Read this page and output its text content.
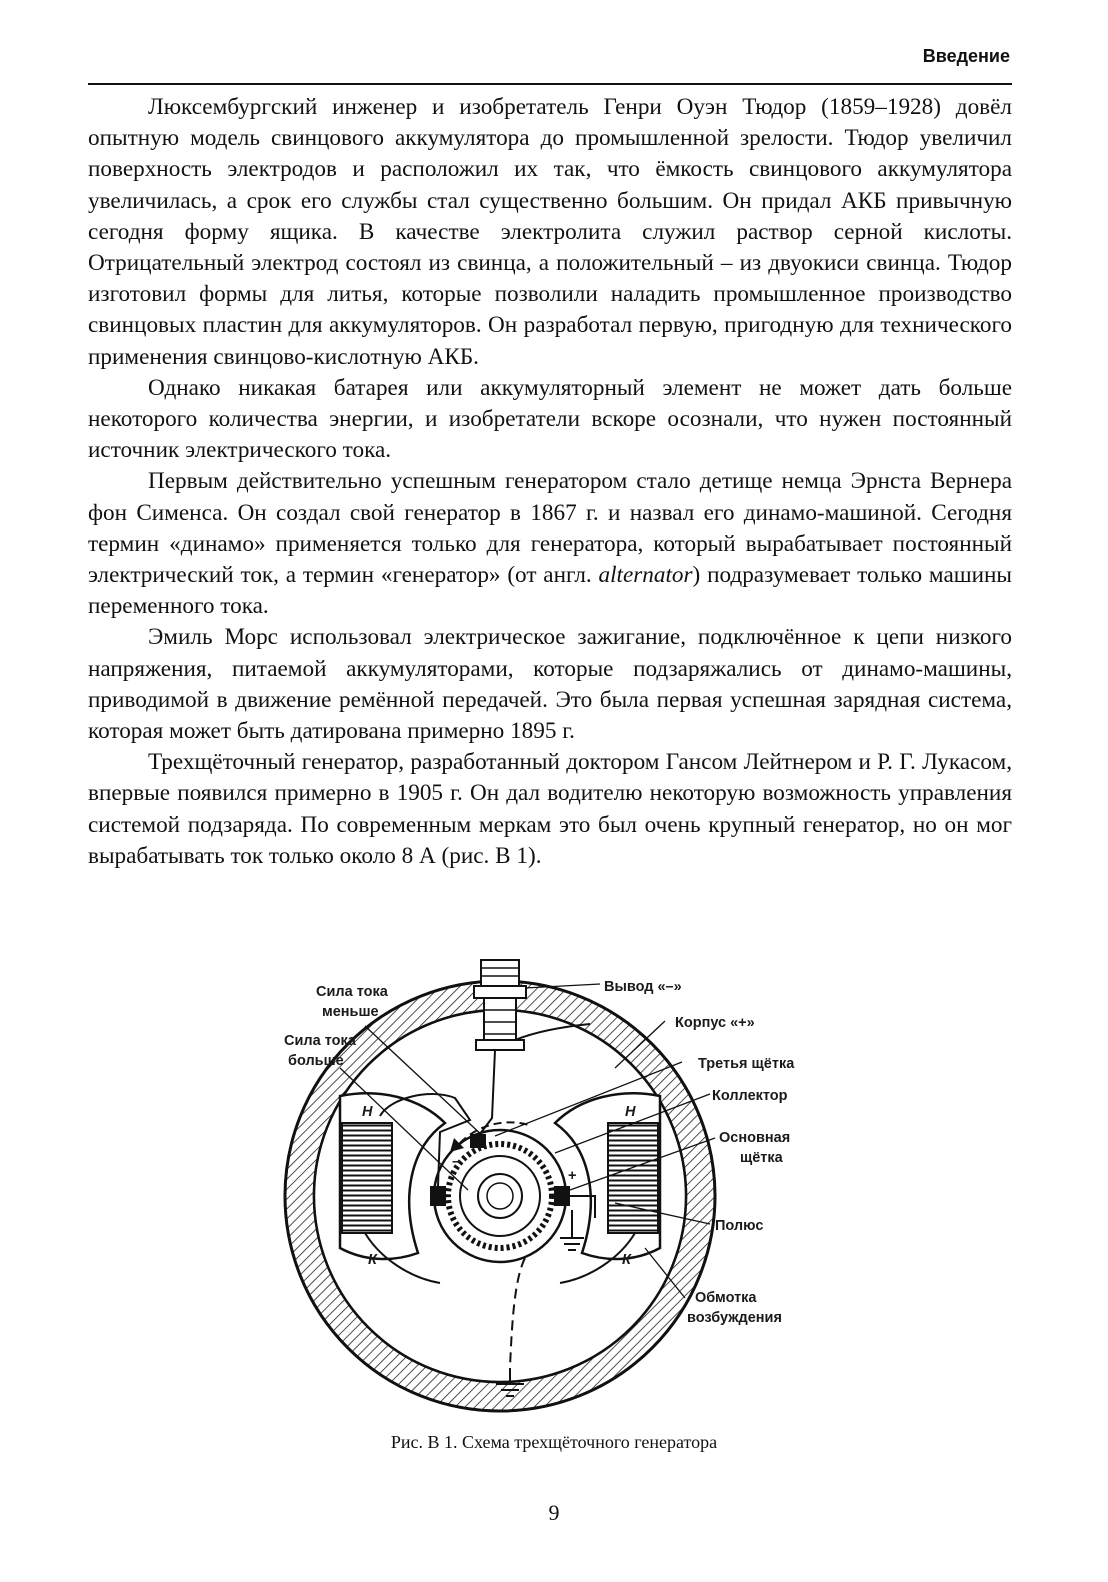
Введение

Люксембургский инженер и изобретатель Генри Оуэн Тюдор (1859–1928) довёл опытную модель свинцового аккумулятора до промышленной зрелости. Тюдор увеличил поверхность электродов и расположил их так, что ёмкость свинцового аккумулятора увеличилась, а срок его службы стал существенно большим. Он придал АКБ привычную сегодня форму ящика. В качестве электролита служил раствор серной кислоты. Отрицательный электрод состоял из свинца, а положительный – из двуокиси свинца. Тюдор изготовил формы для литья, которые позволили наладить промышленное производство свинцовых пластин для аккумуляторов. Он разработал первую, пригодную для технического применения свинцово-кислотную АКБ.

Однако никакая батарея или аккумуляторный элемент не может дать больше некоторого количества энергии, и изобретатели вскоре осознали, что нужен постоянный источник электрического тока.

Первым действительно успешным генератором стало детище немца Эрнста Вернера фон Сименса. Он создал свой генератор в 1867 г. и назвал его динамо-машиной. Сегодня термин «динамо» применяется только для генератора, который вырабатывает постоянный электрический ток, а термин «генератор» (от англ. alternator) подразумевает только машины переменного тока.

Эмиль Морс использовал электрическое зажигание, подключённое к цепи низкого напряжения, питаемой аккумуляторами, которые подзаряжались от динамо-машины, приводимой в движение ремённой передачей. Это была первая успешная зарядная система, которая может быть датирована примерно 1895 г.

Трехщёточный генератор, разработанный доктором Гансом Лейтнером и Р. Г. Лукасом, впервые появился примерно в 1905 г. Он дал водителю некоторую возможность управления системой подзаряда. По современным меркам это был очень крупный генератор, но он мог вырабатывать ток только около 8 А (рис. В 1).

Н	Н
К	К
–
+
Сила тока
меньше
Сила тока
больше
Вывод «–»
Корпус «+»
Третья щётка
Коллектор
Основная
щётка
Полюс
Обмотка
возбуждения
Рис. В 1. Схема трехщёточного генератора
9
